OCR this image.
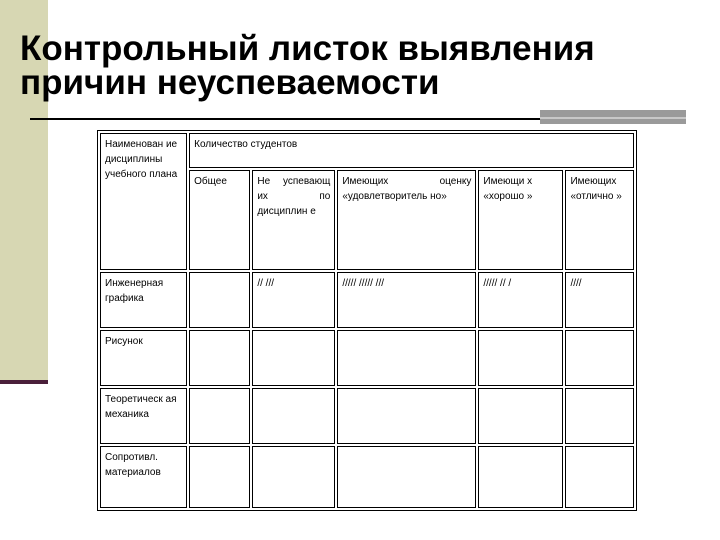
Контрольный листок выявления
причин неуспеваемости
Наименован ие дисциплины учебного плана	Количество студентов				
	Общее	Не успевающ их по дисциплин е	Имеющих оценку «удовлетворитель но»	Имеющи х «хорошо »	Имеющих «отлично »
Инженерная графика		// ///	///// ///// ///	///// // /	////
Рисунок					
Теоретическ ая механика					
Сопротивл. материалов					
